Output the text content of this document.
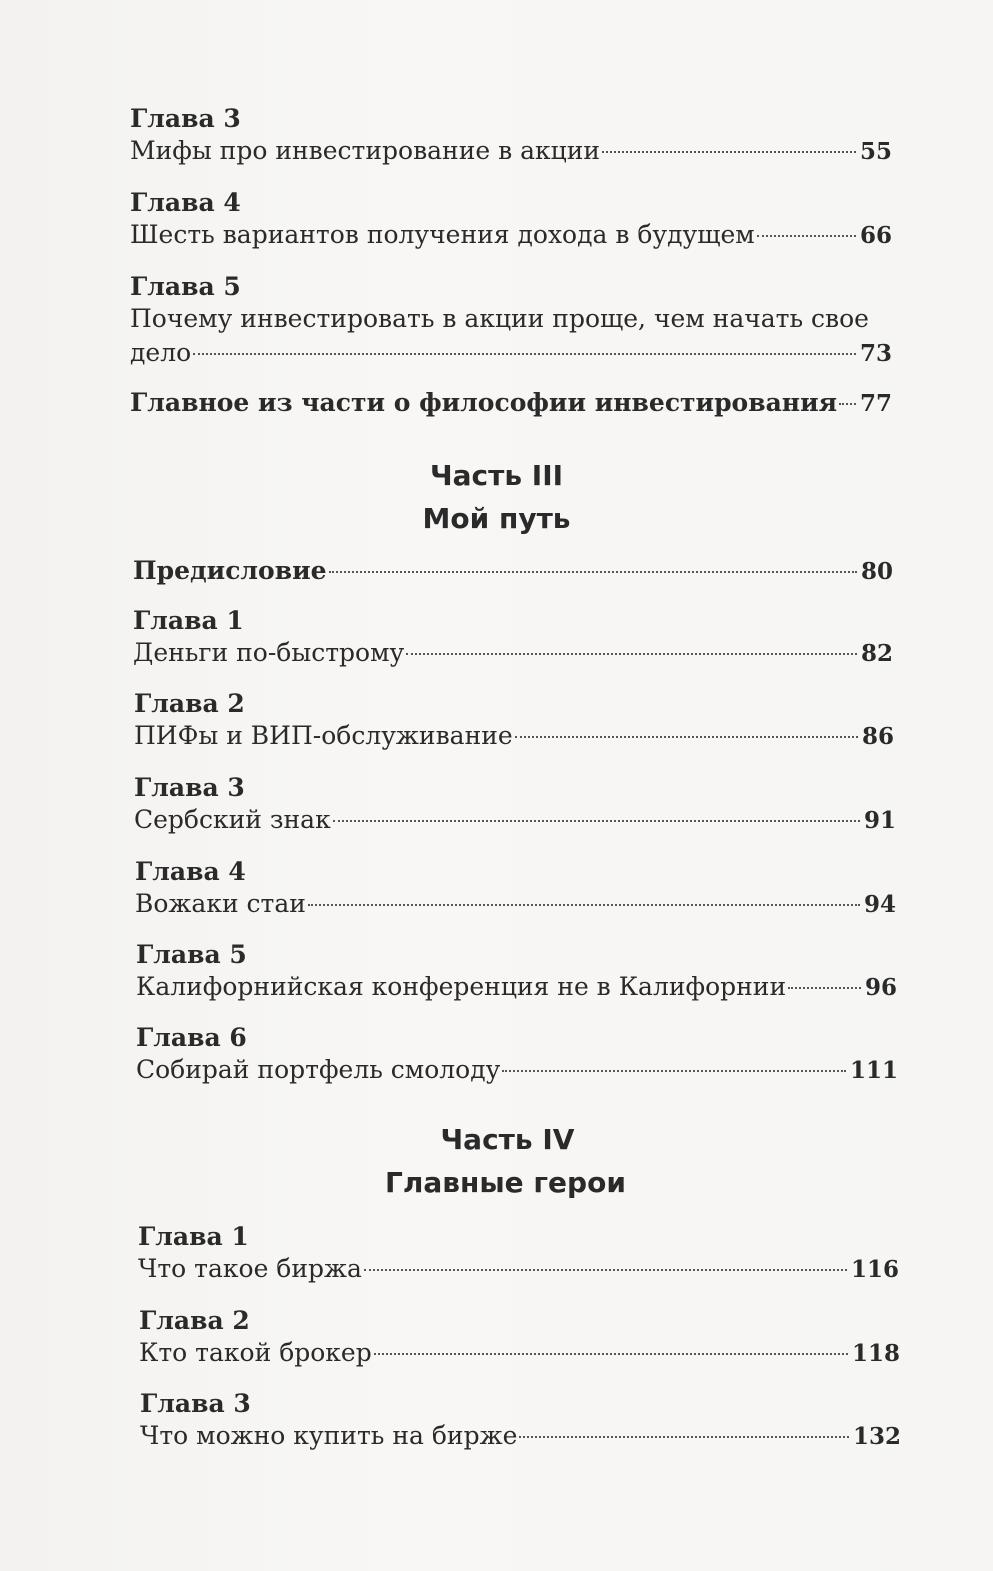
Глава 3
Мифы про инвестирование в акции	55
Глава 4
Шесть вариантов получения дохода в будущем	66
Глава 5
Почему инвестировать в акции проще, чем начать свое
дело	73
Главное из части о философии инвестирования 77
Часть III
Мой путь
Предисловие	80
Глава 1
Деньги по-быстрому	82
Глава 2
ПИФы и ВИП-обслуживание	86
Глава 3
Сербский знак	91
Глава 4
Вожаки стаи	94
Глава 5
Калифорнийская конференция не в Калифорнии	96
Глава 6
Собирай портфель смолоду	111
Часть IV
Главные герои
Глава 1
Что такое биржа	116
Глава 2
Кто такой брокер	118
Глава 3
Что можно купить на бирже	132
